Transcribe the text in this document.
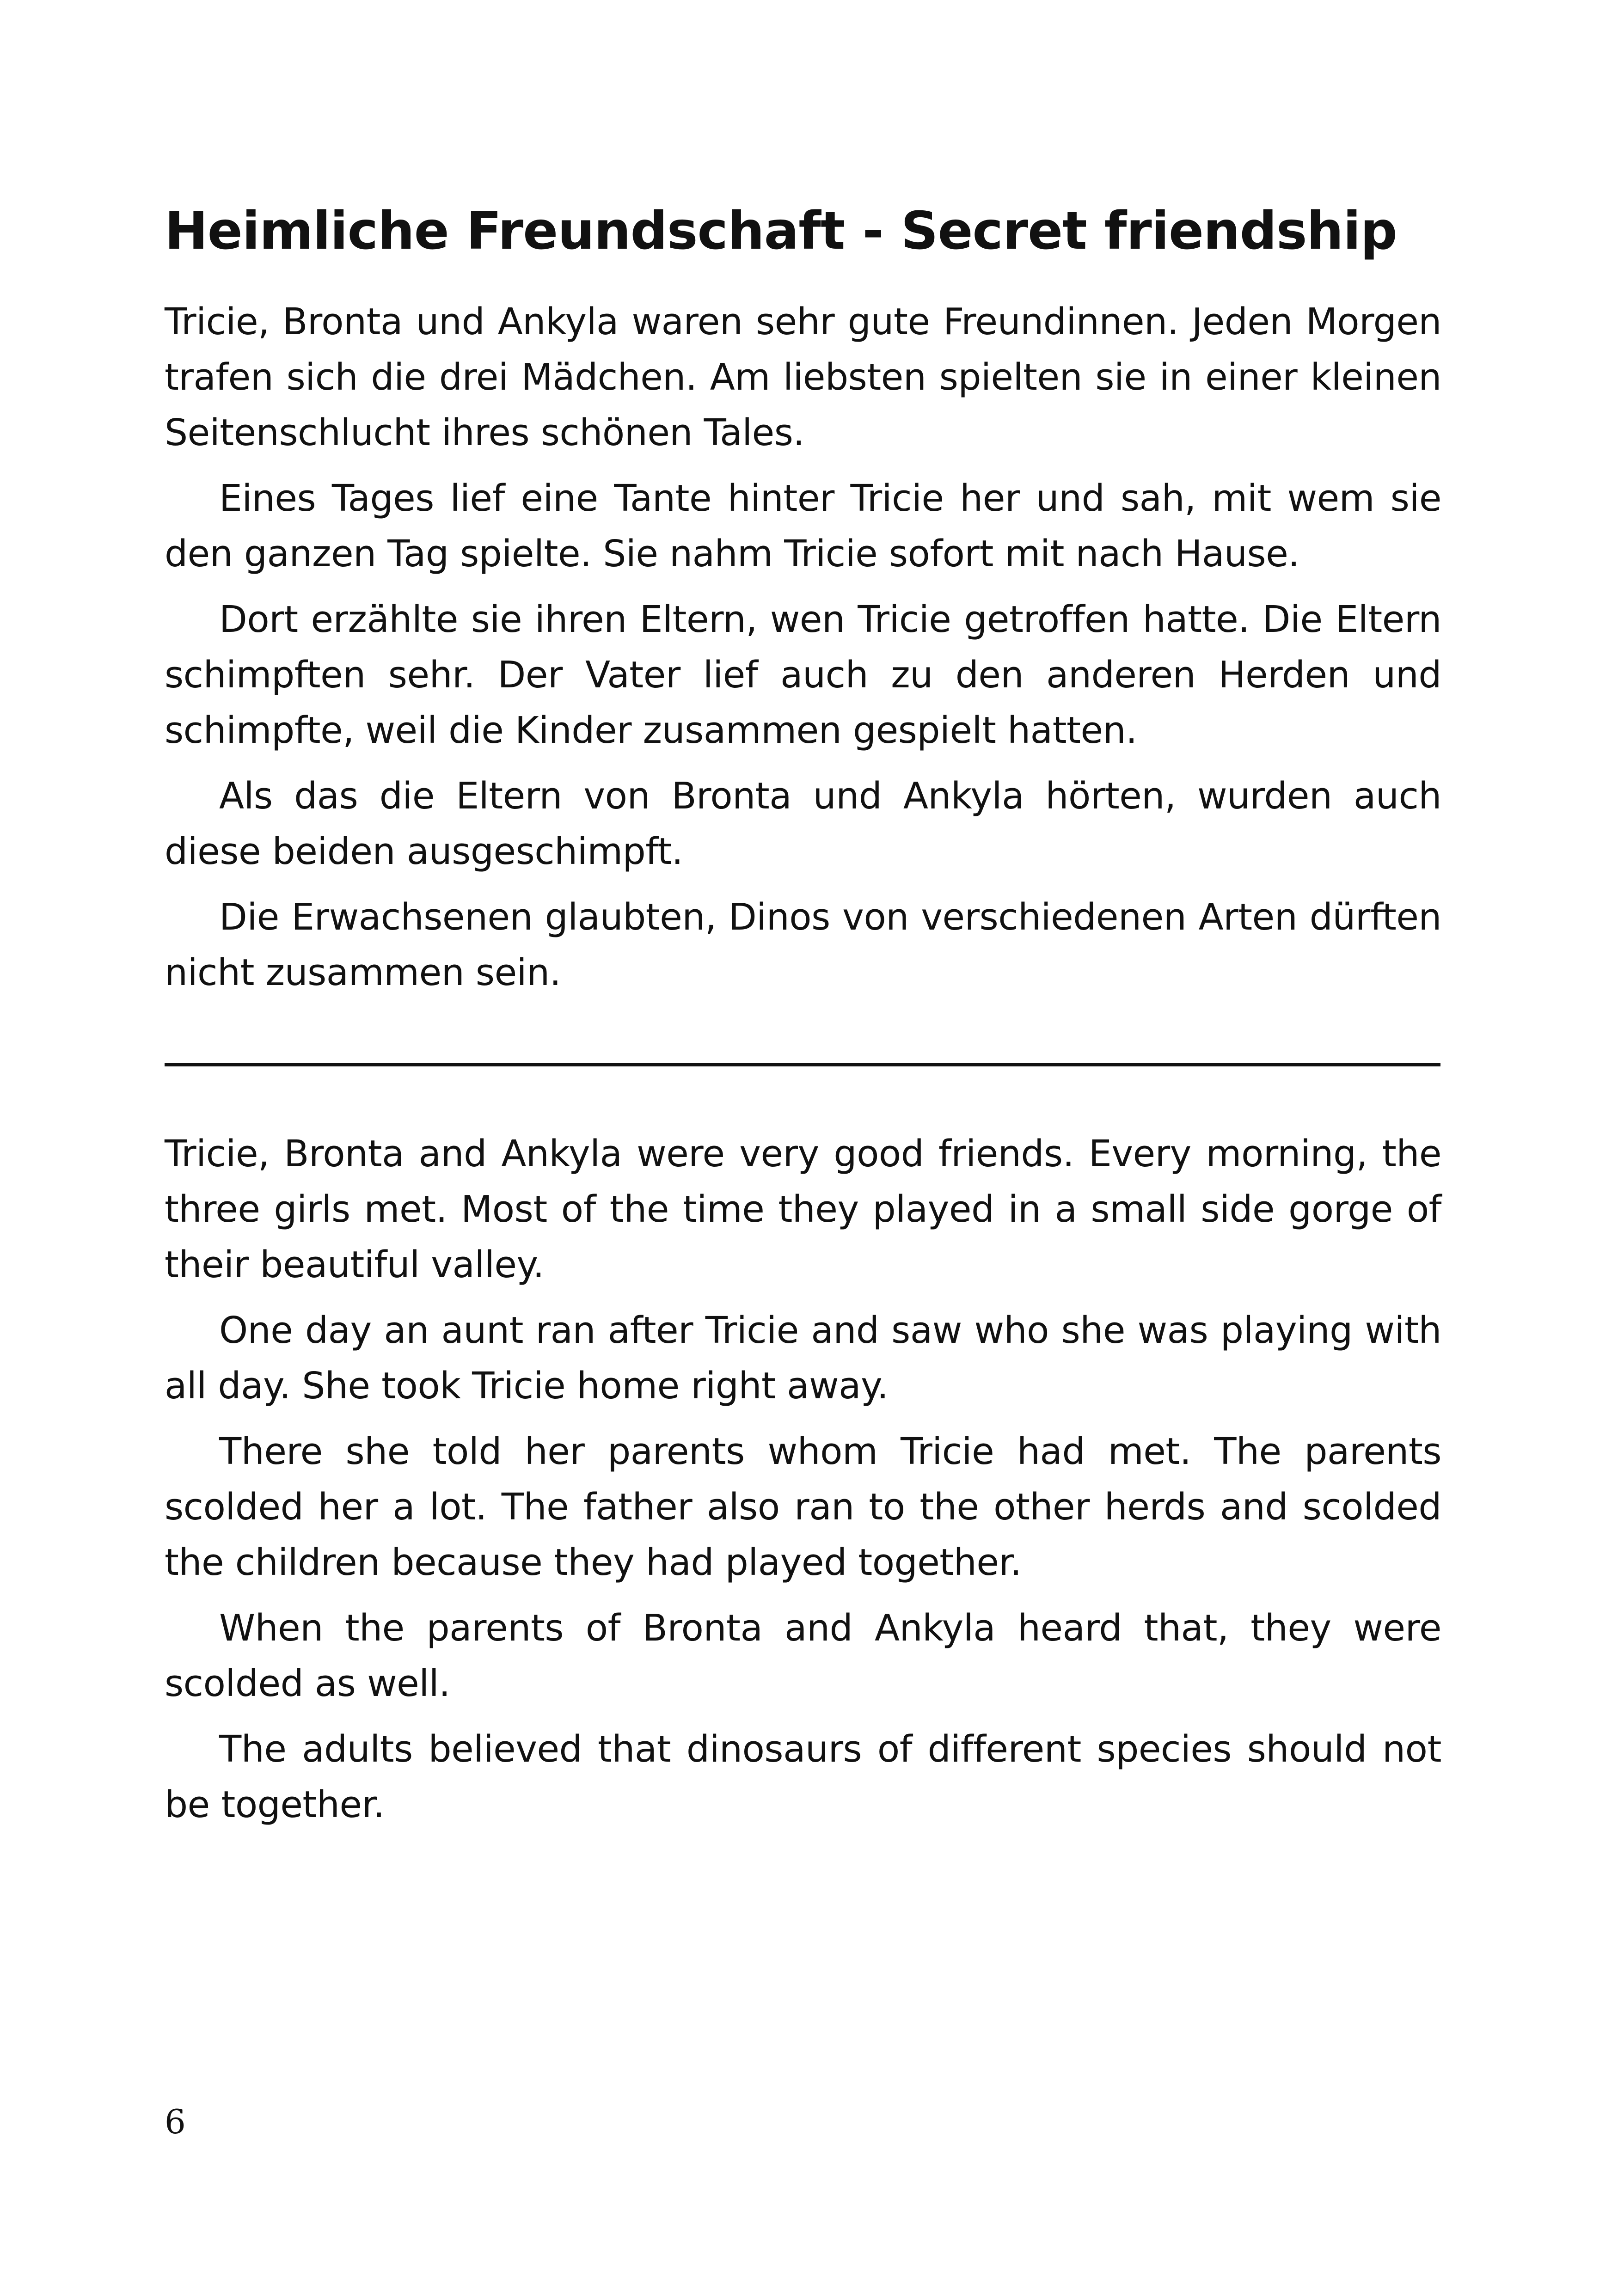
Heimliche Freundschaft - Secret friendship

Tricie, Bronta und Ankyla waren sehr gute Freundinnen. Jeden Morgen trafen sich die drei Mädchen. Am liebsten spielten sie in einer kleinen Seitenschlucht ihres schönen Tales.

Eines Tages lief eine Tante hinter Tricie her und sah, mit wem sie den ganzen Tag spielte. Sie nahm Tricie sofort mit nach Hause.

Dort erzählte sie ihren Eltern, wen Tricie getroffen hatte. Die Eltern schimpften sehr. Der Vater lief auch zu den anderen Herden und schimpfte, weil die Kinder zusammen gespielt hatten.

Als das die Eltern von Bronta und Ankyla hörten, wurden auch diese beiden ausgeschimpft.

Die Erwachsenen glaubten, Dinos von verschiedenen Arten dürften nicht zusammen sein.

Tricie, Bronta and Ankyla were very good friends. Every morning, the three girls met. Most of the time they played in a small side gorge of their beautiful valley.

One day an aunt ran after Tricie and saw who she was playing with all day. She took Tricie home right away.

There she told her parents whom Tricie had met. The parents scolded her a lot. The father also ran to the other herds and scolded the children because they had played together.

When the parents of Bronta and Ankyla heard that, they were scolded as well.

The adults believed that dinosaurs of different species should not be together.

6
